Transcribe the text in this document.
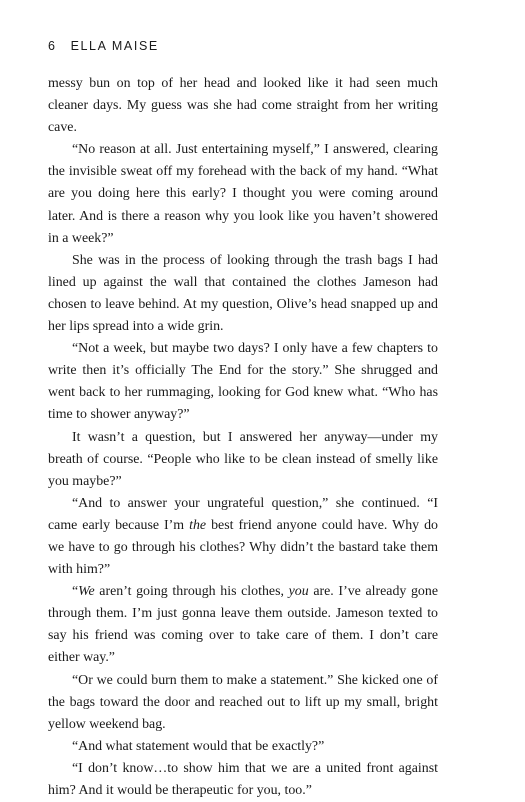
6 ELLA MAISE

messy bun on top of her head and looked like it had seen much cleaner days. My guess was she had come straight from her writing cave.

“No reason at all. Just entertaining myself,” I answered, clearing the invisible sweat off my forehead with the back of my hand. “What are you doing here this early? I thought you were coming around later. And is there a reason why you look like you haven’t showered in a week?”

She was in the process of looking through the trash bags I had lined up against the wall that contained the clothes Jameson had chosen to leave behind. At my question, Olive’s head snapped up and her lips spread into a wide grin.

“Not a week, but maybe two days? I only have a few chapters to write then it’s officially The End for the story.” She shrugged and went back to her rummaging, looking for God knew what. “Who has time to shower anyway?”

It wasn’t a question, but I answered her anyway—under my breath of course. “People who like to be clean instead of smelly like you maybe?”

“And to answer your ungrateful question,” she continued. “I came early because I’m the best friend anyone could have. Why do we have to go through his clothes? Why didn’t the bastard take them with him?”

“We aren’t going through his clothes, you are. I’ve already gone through them. I’m just gonna leave them outside. Jameson texted to say his friend was coming over to take care of them. I don’t care either way.”

“Or we could burn them to make a statement.” She kicked one of the bags toward the door and reached out to lift up my small, bright yellow weekend bag.

“And what statement would that be exactly?”

“I don’t know…to show him that we are a united front against him? And it would be therapeutic for you, too.”
